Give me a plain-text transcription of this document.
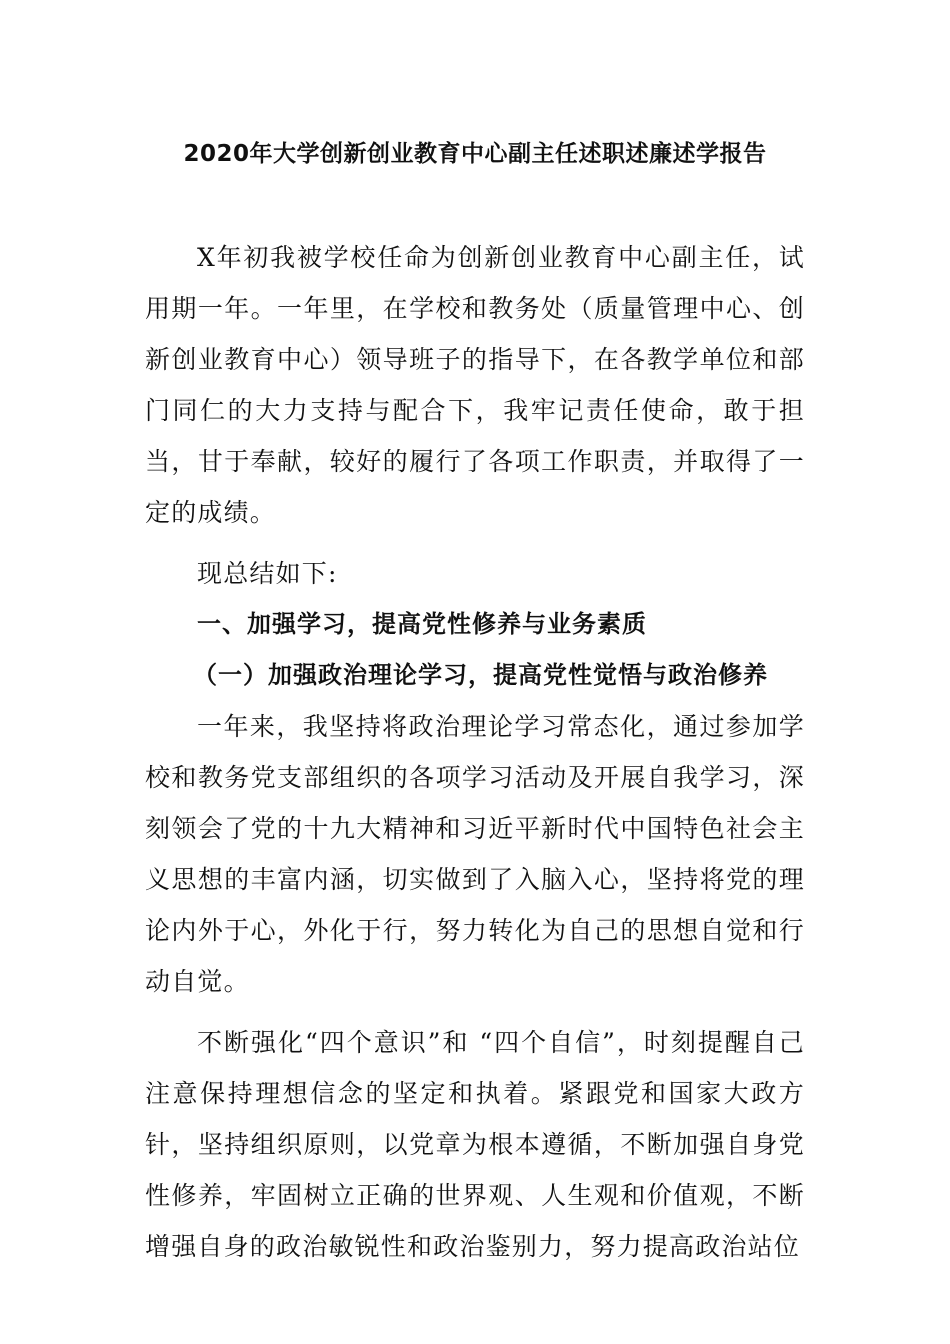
2020年大学创新创业教育中心副主任述职述廉述学报告

X年初我被学校任命为创新创业教育中心副主任，试用期一年。一年里，在学校和教务处（质量管理中心、创新创业教育中心）领导班子的指导下，在各教学单位和部门同仁的大力支持与配合下，我牢记责任使命，敢于担当，甘于奉献，较好的履行了各项工作职责，并取得了一定的成绩。

现总结如下:

一、加强学习，提高党性修养与业务素质

（一）加强政治理论学习，提高党性觉悟与政治修养

一年来，我坚持将政治理论学习常态化，通过参加学校和教务党支部组织的各项学习活动及开展自我学习，深刻领会了党的十九大精神和习近平新时代中国特色社会主义思想的丰富内涵，切实做到了入脑入心，坚持将党的理论内外于心，外化于行，努力转化为自己的思想自觉和行动自觉。

不断强化“四个意识”和 “四个自信”，时刻提醒自己注意保持理想信念的坚定和执着。紧跟党和国家大政方针，坚持组织原则，以党章为根本遵循，不断加强自身党性修养，牢固树立正确的世界观、人生观和价值观，不断增强自身的政治敏锐性和政治鉴别力，努力提高政治站位
